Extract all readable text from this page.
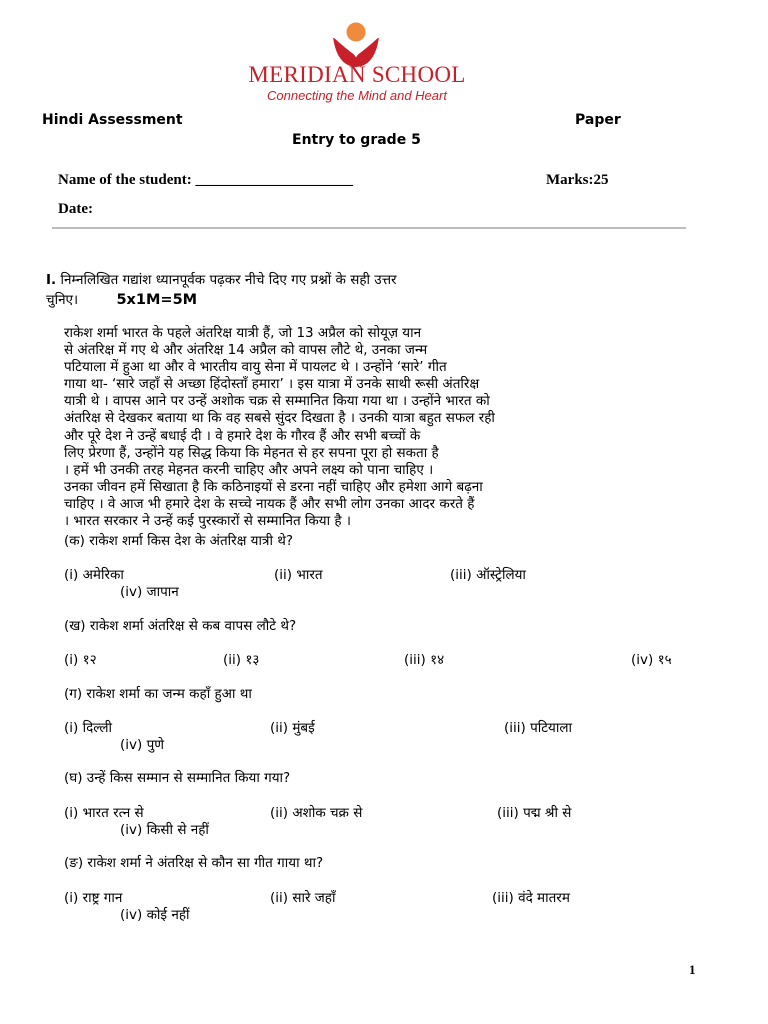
MERIDIAN SCHOOL
Connecting the Mind and Heart
Hindi Assessment	Paper
Entry to grade 5
Name of the student: _____________________	Marks:25
Date:
I. निम्नलिखित गद्यांश ध्यानपूर्वक पढ़कर नीचे दिए गए प्रश्नों के सही उत्तर
चुनिए।	5x1M=5M
राकेश शर्मा भारत के पहले अंतरिक्ष यात्री हैं, जो 13 अप्रैल को सोयूज़ यान
से अंतरिक्ष में गए थे और अंतरिक्ष 14 अप्रैल को वापस लौटे थे, उनका जन्म
पटियाला में हुआ था और वे भारतीय वायु सेना में पायलट थे । उन्होंने ‘सारे’ गीत
गाया था- ‘सारे जहाँ से अच्छा हिंदोस्ताँ हमारा’ । इस यात्रा में उनके साथी रूसी अंतरिक्ष
यात्री थे । वापस आने पर उन्हें अशोक चक्र से सम्मानित किया गया था । उन्होंने भारत को
अंतरिक्ष से देखकर बताया था कि वह सबसे सुंदर दिखता है । उनकी यात्रा बहुत सफल रही
और पूरे देश ने उन्हें बधाई दी । वे हमारे देश के गौरव हैं और सभी बच्चों के
लिए प्रेरणा हैं, उन्होंने यह सिद्ध किया कि मेहनत से हर सपना पूरा हो सकता है
। हमें भी उनकी तरह मेहनत करनी चाहिए और अपने लक्ष्य को पाना चाहिए ।
उनका जीवन हमें सिखाता है कि कठिनाइयों से डरना नहीं चाहिए और हमेशा आगे बढ़ना
चाहिए । वे आज भी हमारे देश के सच्चे नायक हैं और सभी लोग उनका आदर करते हैं
। भारत सरकार ने उन्हें कई पुरस्कारों से सम्मानित किया है ।
(क) राकेश शर्मा किस देश के अंतरिक्ष यात्री थे?
(i) अमेरिका	(ii) भारत	(iii) ऑस्ट्रेलिया
(iv) जापान
(ख) राकेश शर्मा अंतरिक्ष से कब वापस लौटे थे?
(i) १२	(ii) १३	(iii) १४	(iv) १५
(ग) राकेश शर्मा का जन्म कहाँ हुआ था
(i) दिल्ली	(ii) मुंबई	(iii) पटियाला
(iv) पुणे
(घ) उन्हें किस सम्मान से सम्मानित किया गया?
(i) भारत रत्न से	(ii) अशोक चक्र से	(iii) पद्म श्री से
(iv) किसी से नहीं
(ङ) राकेश शर्मा ने अंतरिक्ष से कौन सा गीत गाया था?
(i) राष्ट्र गान	(ii) सारे जहाँ	(iii) वंदे मातरम
(iv) कोई नहीं
1
